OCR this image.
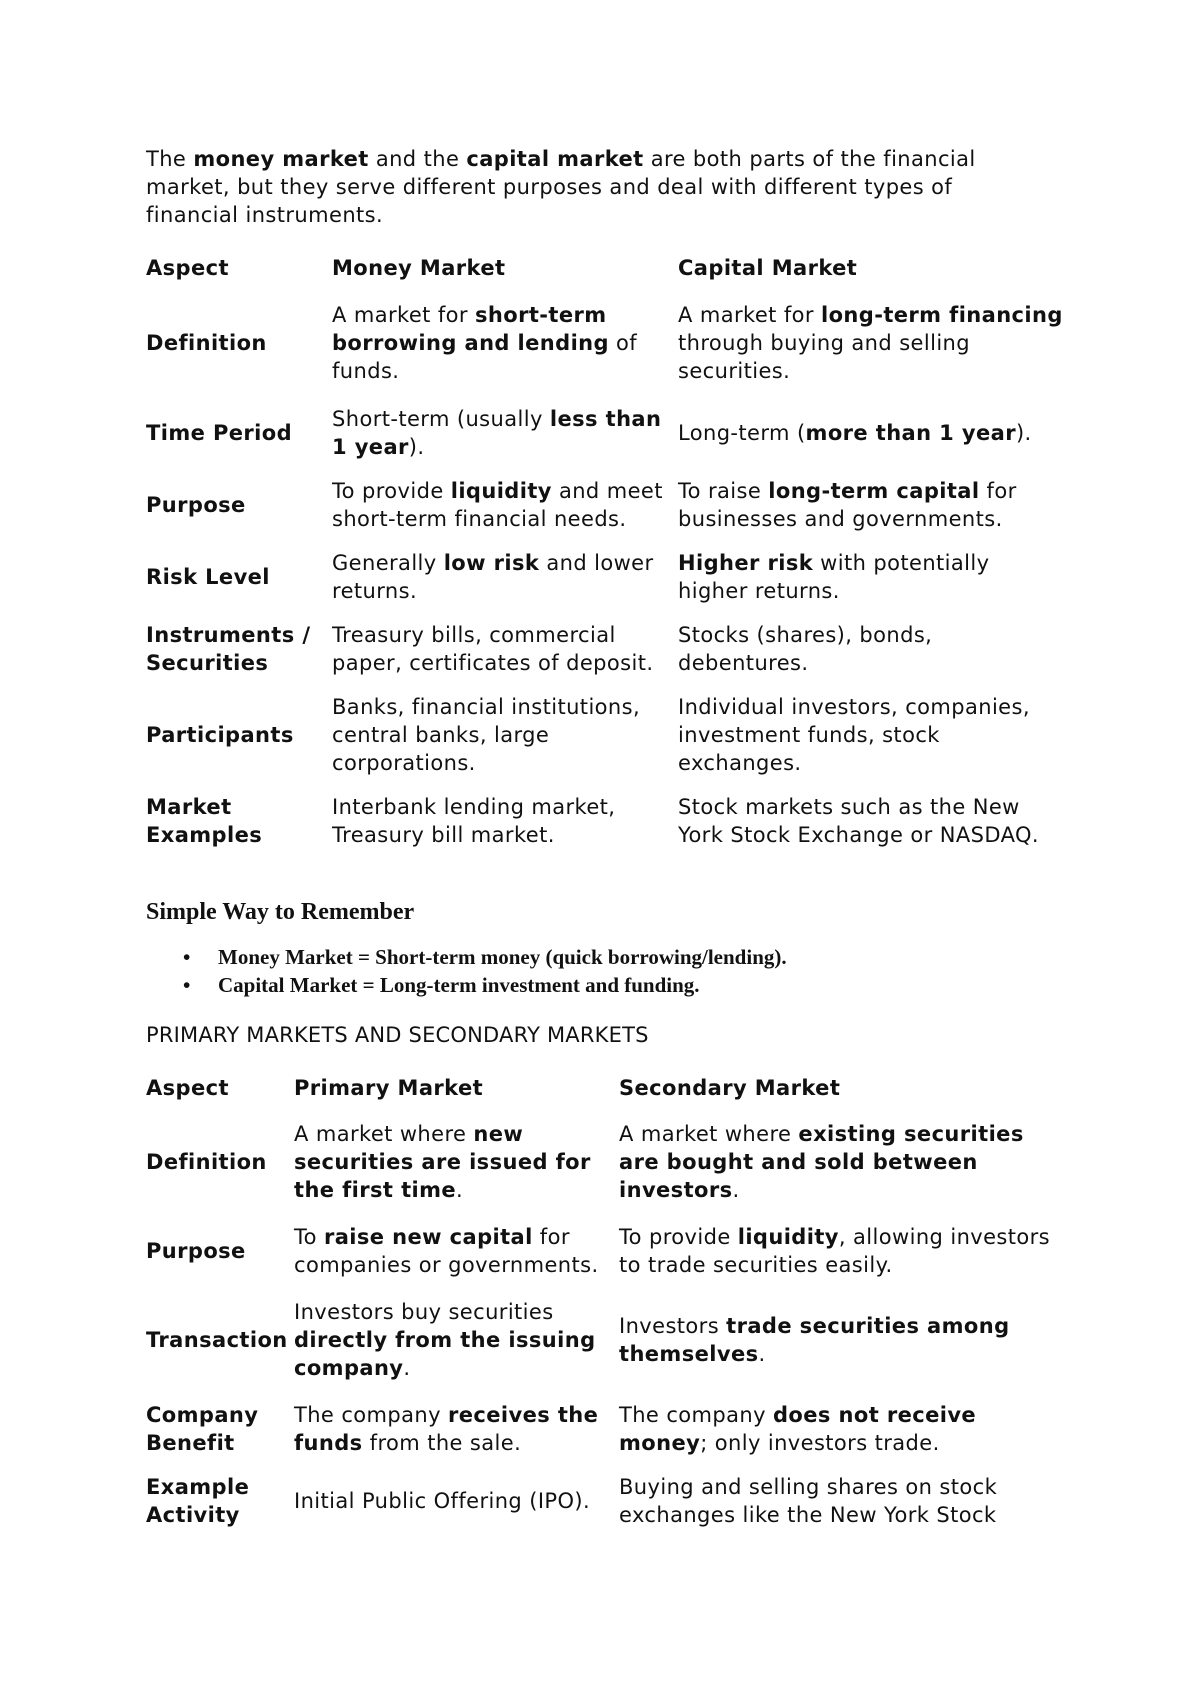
The money market and the capital market are both parts of the financial market, but they serve different purposes and deal with different types of financial instruments.

Aspect	Money Market	Capital Market
Definition	A market for short-term borrowing and lending of funds.	A market for long-term financing through buying and selling securities.
Time Period	Short-term (usually less than 1 year).	Long-term (more than 1 year).
Purpose	To provide liquidity and meet short-term financial needs.	To raise long-term capital for businesses and governments.
Risk Level	Generally low risk and lower returns.	Higher risk with potentially higher returns.
Instruments / Securities	Treasury bills, commercial paper, certificates of deposit.	Stocks (shares), bonds, debentures.
Participants	Banks, financial institutions, central banks, large corporations.	Individual investors, companies, investment funds, stock exchanges.
Market Examples	Interbank lending market, Treasury bill market.	Stock markets such as the New York Stock Exchange or NASDAQ.
Simple Way to Remember
• Money Market = Short-term money (quick borrowing/lending).
• Capital Market = Long-term investment and funding.

PRIMARY MARKETS AND SECONDARY MARKETS

Aspect	Primary Market	Secondary Market
Definition	A market where new securities are issued for the first time.	A market where existing securities are bought and sold between investors.
Purpose	To raise new capital for companies or governments.	To provide liquidity, allowing investors to trade securities easily.
Transaction	Investors buy securities directly from the issuing company.	Investors trade securities among themselves.
Company Benefit	The company receives the funds from the sale.	The company does not receive money; only investors trade.
Example Activity	Initial Public Offering (IPO).	Buying and selling shares on stock exchanges like the New York Stock
